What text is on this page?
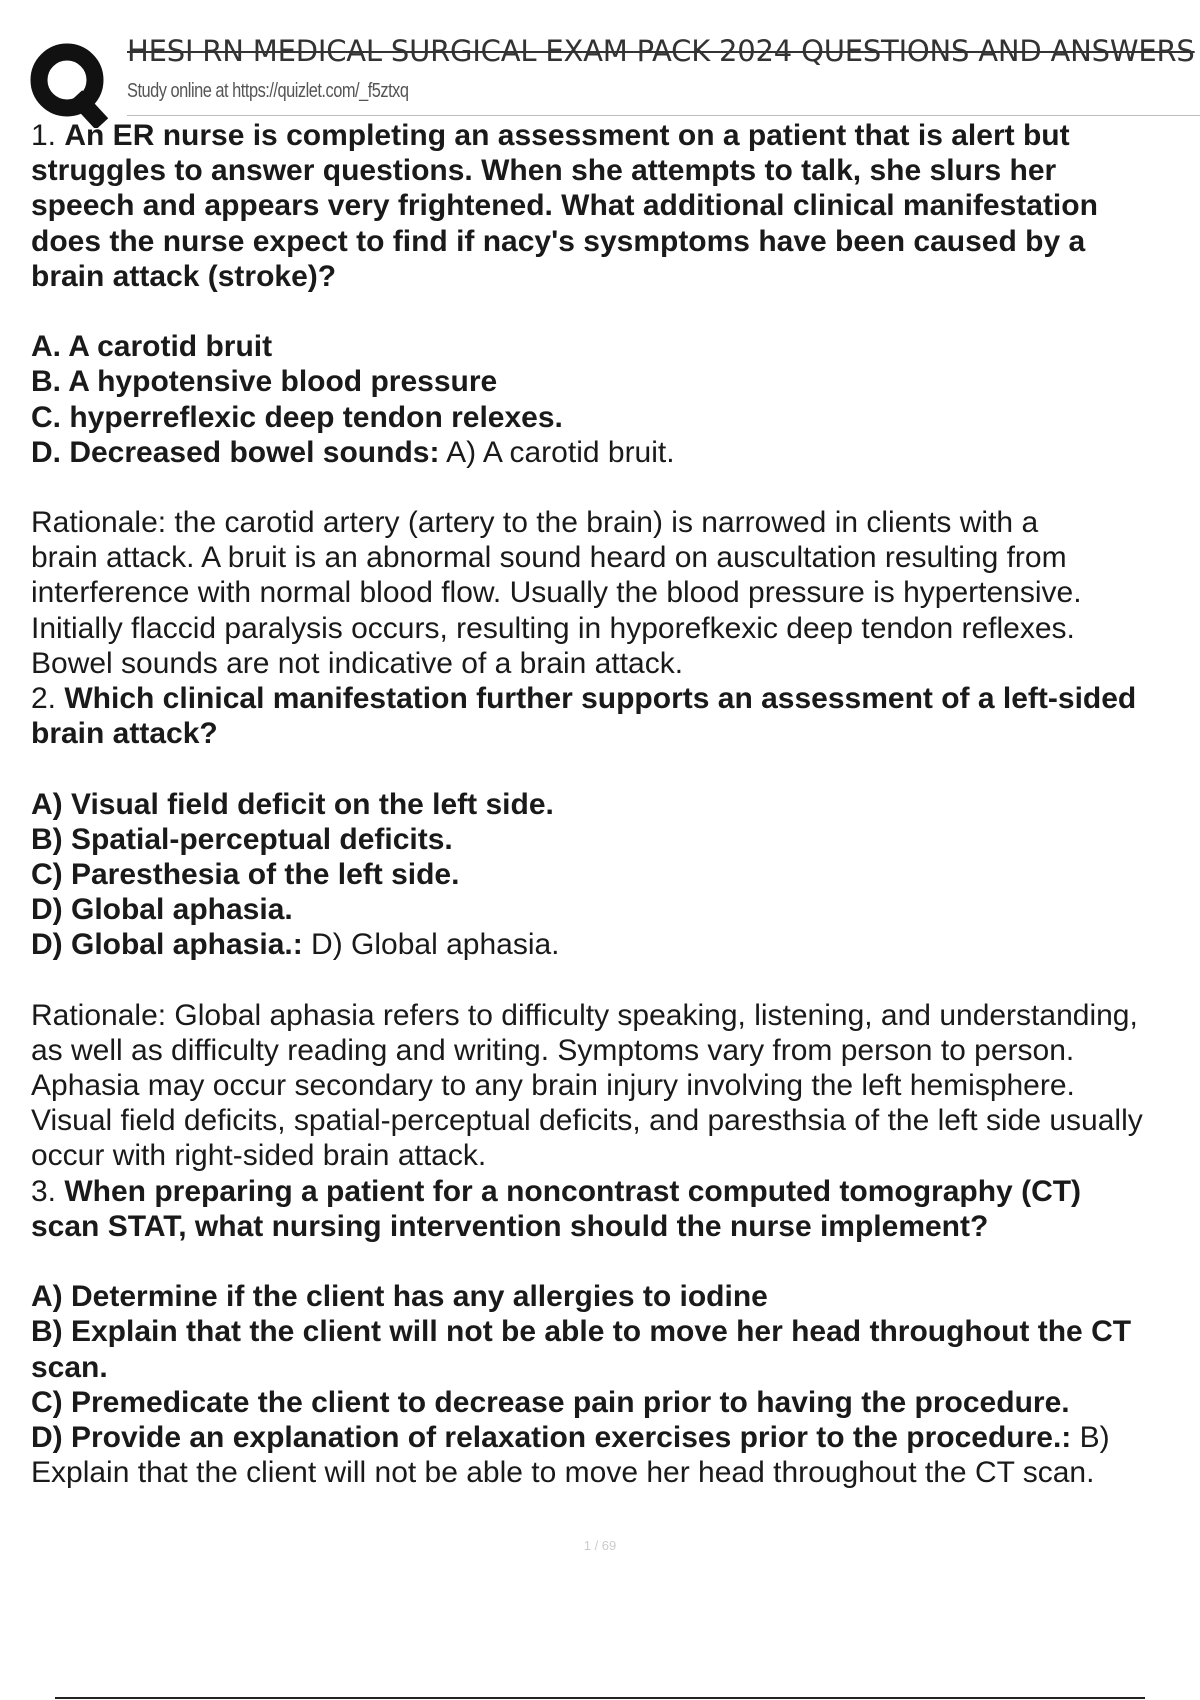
HESI RN MEDICAL SURGICAL EXAM PACK 2024 QUESTIONS AND ANSWERS
Study online at https://quizlet.com/_f5ztxq
1. An ER nurse is completing an assessment on a patient that is alert but
struggles to answer questions. When she attempts to talk, she slurs her
speech and appears very frightened. What additional clinical manifestation
does the nurse expect to find if nacy's sysmptoms have been caused by a
brain attack (stroke)?
A. A carotid bruit
B. A hypotensive blood pressure
C. hyperreflexic deep tendon relexes.
D. Decreased bowel sounds: A) A carotid bruit.
Rationale: the carotid artery (artery to the brain) is narrowed in clients with a
brain attack. A bruit is an abnormal sound heard on auscultation resulting from
interference with normal blood flow. Usually the blood pressure is hypertensive.
Initially flaccid paralysis occurs, resulting in hyporefkexic deep tendon reflexes.
Bowel sounds are not indicative of a brain attack.
2. Which clinical manifestation further supports an assessment of a left-sided
brain attack?
A) Visual field deficit on the left side.
B) Spatial-perceptual deficits.
C) Paresthesia of the left side.
D) Global aphasia.
D) Global aphasia.: D) Global aphasia.
Rationale: Global aphasia refers to difficulty speaking, listening, and understanding,
as well as difficulty reading and writing. Symptoms vary from person to person.
Aphasia may occur secondary to any brain injury involving the left hemisphere.
Visual field deficits, spatial-perceptual deficits, and paresthsia of the left side usually
occur with right-sided brain attack.
3. When preparing a patient for a noncontrast computed tomography (CT)
scan STAT, what nursing intervention should the nurse implement?
A) Determine if the client has any allergies to iodine
B) Explain that the client will not be able to move her head throughout the CT
scan.
C) Premedicate the client to decrease pain prior to having the procedure.
D) Provide an explanation of relaxation exercises prior to the procedure.: B)
Explain that the client will not be able to move her head throughout the CT scan.
1 / 69
